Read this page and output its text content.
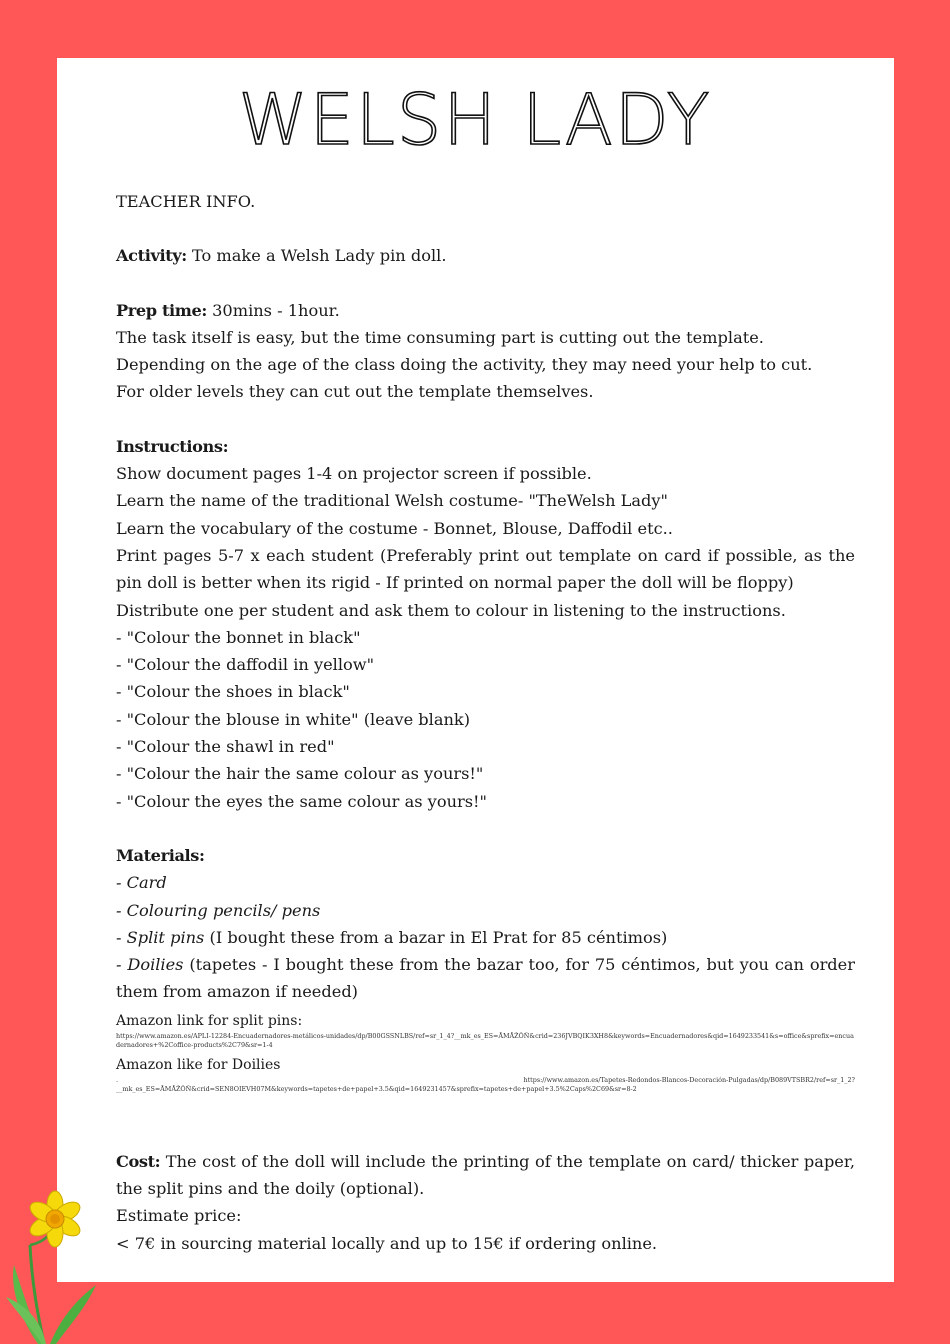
WELSH LADY

TEACHER INFO.

Activity: To make a Welsh Lady pin doll.

Prep time: 30mins - 1hour.

The task itself is easy, but the time consuming part is cutting out the template.

Depending on the age of the class doing the activity, they may need your help to cut.

For older levels they can cut out the template themselves.

Instructions:

Show document pages 1-4 on projector screen if possible.

Learn the name of the traditional Welsh costume- "TheWelsh Lady"

Learn the vocabulary of the costume - Bonnet, Blouse, Daffodil etc..

Print pages 5-7 x each student (Preferably print out template on card if possible, as the pin doll is better when its rigid - If printed on normal paper the doll will be floppy)

Distribute one per student and ask them to colour in listening to the instructions.

- "Colour the bonnet in black"

- "Colour the daffodil in yellow"

- "Colour the shoes in black"

- "Colour the blouse in white" (leave blank)

- "Colour the shawl in red"

- "Colour the hair the same colour as yours!"

- "Colour the eyes the same colour as yours!"

Materials:

- Card

- Colouring pencils/ pens

- Split pins (I bought these from a bazar in El Prat for 85 céntimos)

- Doilies (tapetes - I bought these from the bazar too, for 75 céntimos, but you can order them from amazon if needed)

Amazon link for split pins:

https://www.amazon.es/APLI-12284-Encuadernadores-metálicos-unidades/dp/B00GSSNLBS/ref=sr_1_4?__mk_es_ES=ÅMÅŽÕÑ&crid=236JVBQIK3XH8&keywords=Encuadernadores&qid=1649233541&s=office&sprefix=encuadernadores+%2Coffice-products%2C79&sr=1-4

Amazon like for Doilies

.	https://www.amazon.es/Tapetes-Redondos-Blancos-Decoración-Pulgadas/dp/B089VTSBR2/ref=sr_1_2?

__mk_es_ES=ÅMÅŽÕÑ&crid=SEN8OIEVH07M&keywords=tapetes+de+papel+3.5&qid=1649231457&sprefix=tapetes+de+papel+3.5%2Caps%2C69&sr=8-2

Cost: The cost of the doll will include the printing of the template on card/ thicker paper, the split pins and the doily (optional).

Estimate price:

< 7€ in sourcing material locally and up to 15€ if ordering online.
